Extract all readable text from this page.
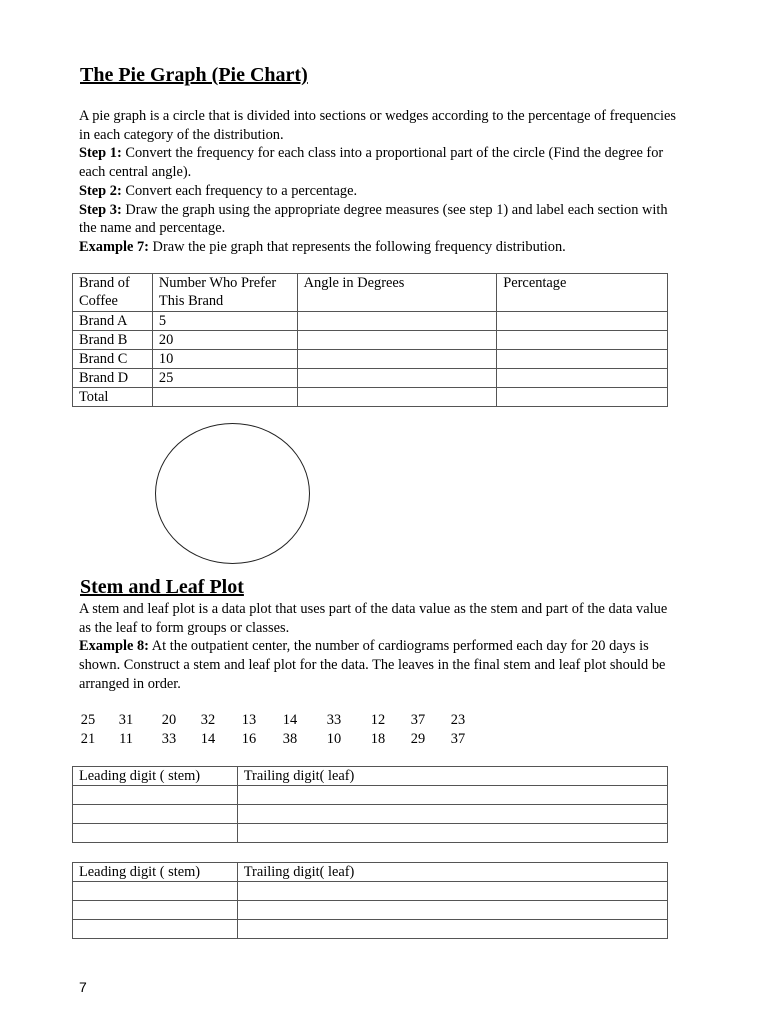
The Pie Graph (Pie Chart)

A pie graph is a circle that is divided into sections or wedges according to the percentage of frequencies in each category of the distribution.

Step 1: Convert the frequency for each class into a proportional part of the circle (Find the degree for each central angle).

Step 2: Convert each frequency to a percentage.

Step 3: Draw the graph using the appropriate degree measures (see step 1) and label each section with the name and percentage.

Example 7: Draw the pie graph that represents the following frequency distribution.

Brand of Coffee	Number Who Prefer This Brand	Angle in Degrees	Percentage
Brand A	5		
Brand B	20		
Brand C	10		
Brand D	25		
Total			
Stem and Leaf Plot

A stem and leaf plot is a data plot that uses part of the data value as the stem and part of the data value as the leaf to form groups or classes.

Example 8: At the outpatient center, the number of cardiograms performed each day for 20 days is shown. Construct a stem and leaf plot for the data. The leaves in the final stem and leaf plot should be arranged in order.

25	31	20	32	13	14	33	12	37	23
21	11	33	14	16	38	10	18	29	37
Leading digit ( stem)	Trailing digit( leaf)

Leading digit ( stem)	Trailing digit( leaf)

7
